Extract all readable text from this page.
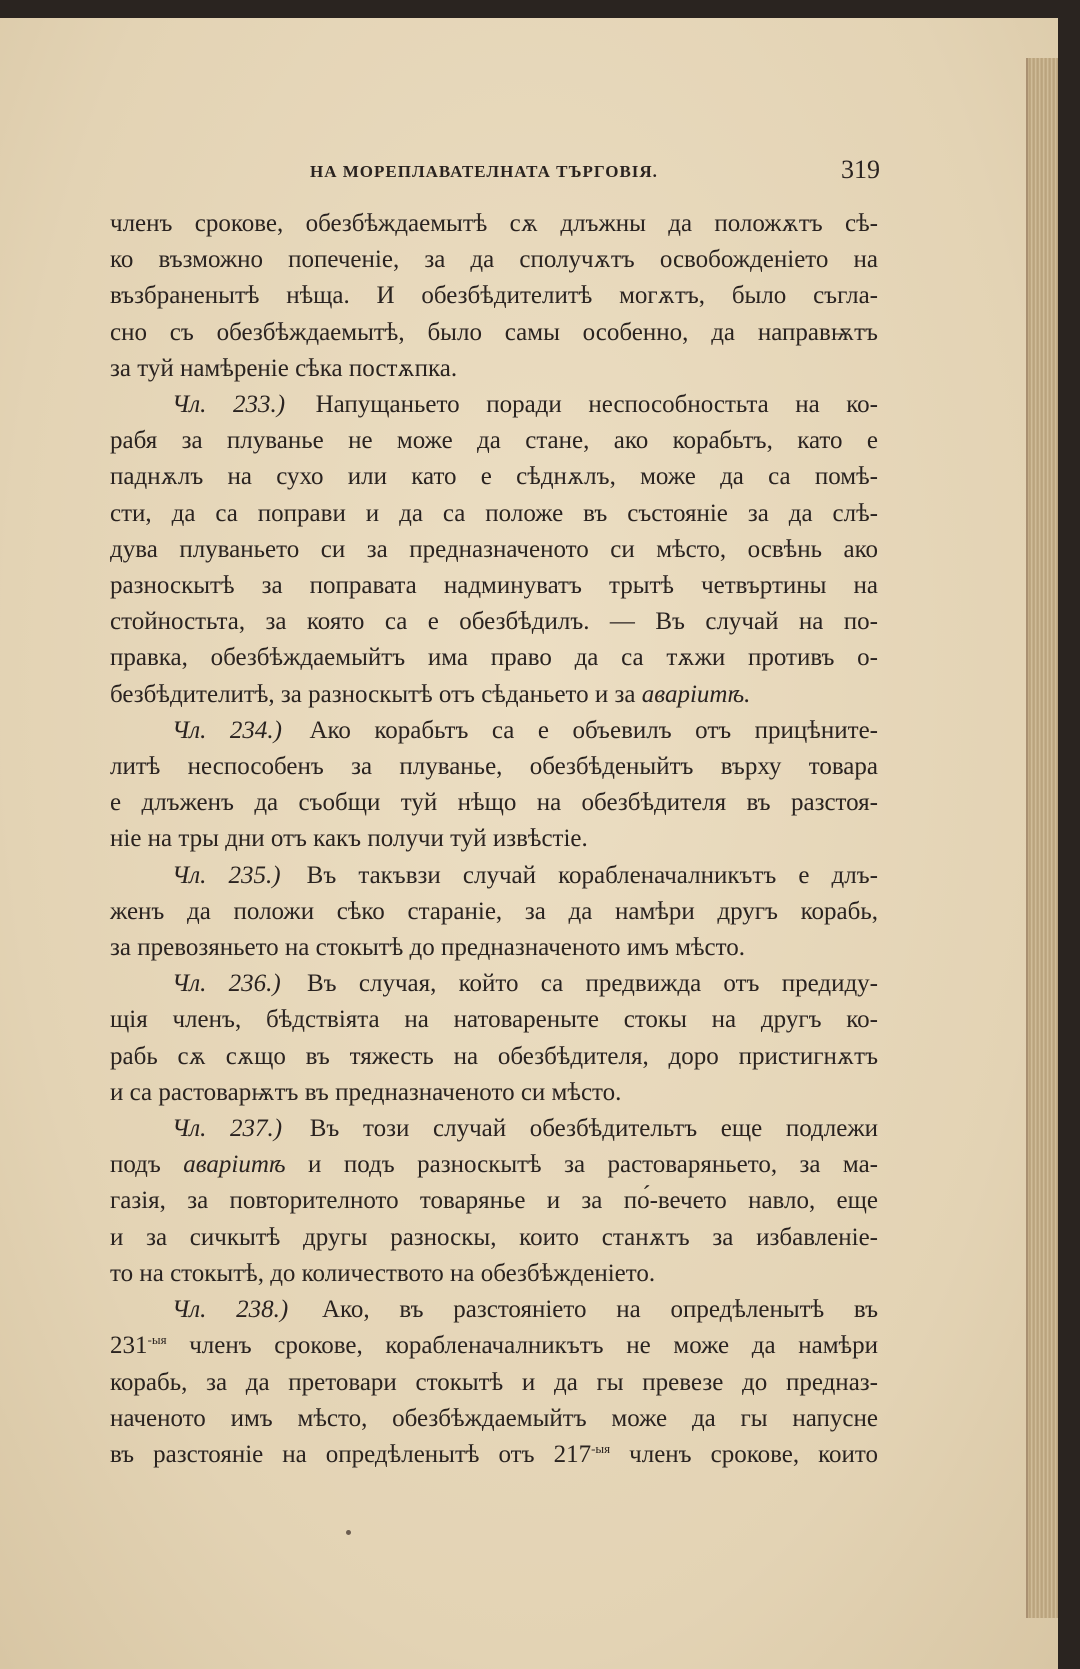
НА МОРЕПЛАВАТЕЛНАТА ТЪРГОВІЯ.	319
членъ срокове, обезбѣждаемытѣ сѫ длъжны да положѫтъ сѣ-
ко възможно попеченіе, за да сполучѫтъ освобожденіето на
възбраненытѣ нѣща. И обезбѣдителитѣ могѫтъ, было съгла-
сно съ обезбѣждаемытѣ, было самы особенно, да направѭтъ
за туй намѣреніе сѣка постѫпка.
Чл. 233.) Напущаньето поради неспособностьта на ко-
рабя за плуванье не може да стане, ако корабьтъ, като е
паднѫлъ на сухо или като е сѣднѫлъ, може да са помѣ-
сти, да са поправи и да са положе въ състояніе за да слѣ-
дува плуваньето си за предназначеното си мѣсто, освѣнь ако
разноскытѣ за поправата надминуватъ трытѣ четвъртины на
стойностьта, за която са е обезбѣдилъ. — Въ случай на по-
правка, обезбѣждаемыйтъ има право да са тѫжи противъ о-
безбѣдителитѣ, за разноскытѣ отъ сѣданьето и за аваріитѣ.
Чл. 234.) Ако корабьтъ са е объевилъ отъ прицѣните-
литѣ неспособенъ за плуванье, обезбѣденыйтъ върху товара
е длъженъ да съобщи туй нѣщо на обезбѣдителя въ разстоя-
ніе на тры дни отъ какъ получи туй извѣстіе.
Чл. 235.) Въ такъвзи случай корабленачалникътъ е длъ-
женъ да положи сѣко стараніе, за да намѣри другъ корабь,
за превозяньето на стокытѣ до предназначеното имъ мѣсто.
Чл. 236.) Въ случая, който са предвижда отъ предиду-
щія членъ, бѣдствіята на натовареныте стокы на другъ ко-
рабь сѫ сѫщо въ тяжесть на обезбѣдителя, доро пристигнѫтъ
и са растоварѭтъ въ предназначеното си мѣсто.
Чл. 237.) Въ този случай обезбѣдительтъ еще подлежи
подъ аваріитѣ и подъ разноскытѣ за растоваряньето, за ма-
газія, за повторителното товарянье и за по́-вечето навло, еще
и за сичкытѣ другы разноскы, които станѫтъ за избавленіе-
то на стокытѣ, до количеството на обезбѣжденіето.
Чл. 238.) Ако, въ разстояніето на опредѣленытѣ въ
$231^{-ыя}$ членъ срокове, корабленачалникътъ не може да намѣри
корабь, за да претовари стокытѣ и да гы превезе до предназ-
наченото имъ мѣсто, обезбѣждаемыйтъ може да гы напусне
въ разстояніе на опредѣленытѣ отъ $217^{-ыя}$ членъ срокове, които
